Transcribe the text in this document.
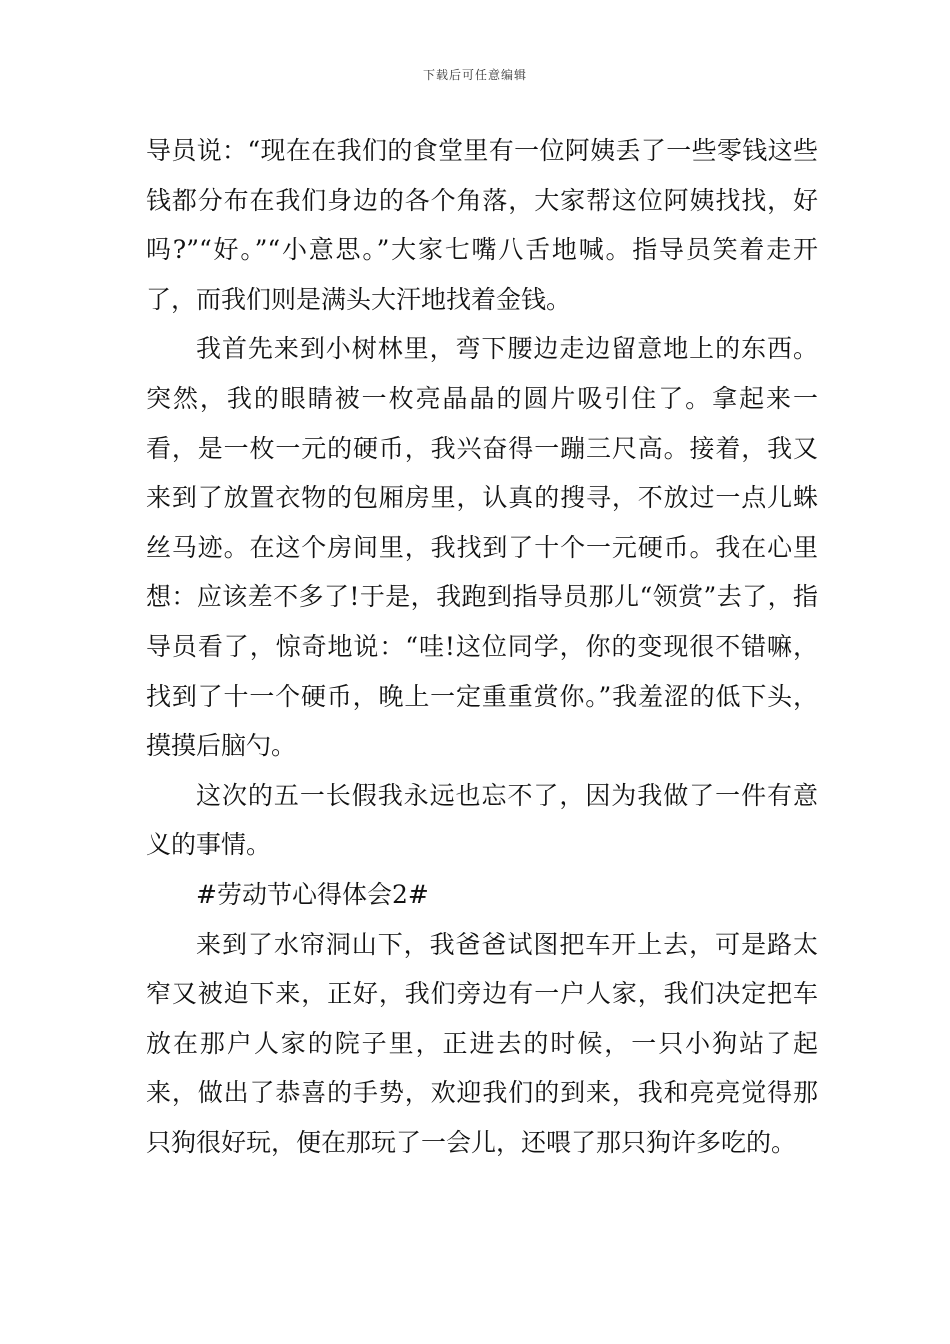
下载后可任意编辑

导员说：“现在在我们的食堂里有一位阿姨丢了一些零钱这些钱都分布在我们身边的各个角落，大家帮这位阿姨找找，好吗?”“好。”“小意思。”大家七嘴八舌地喊。指导员笑着走开了，而我们则是满头大汗地找着金钱。

我首先来到小树林里，弯下腰边走边留意地上的东西。突然，我的眼睛被一枚亮晶晶的圆片吸引住了。拿起来一看，是一枚一元的硬币，我兴奋得一蹦三尺高。接着，我又来到了放置衣物的包厢房里，认真的搜寻，不放过一点儿蛛丝马迹。在这个房间里，我找到了十个一元硬币。我在心里想：应该差不多了!于是，我跑到指导员那儿“领赏”去了，指导员看了，惊奇地说：“哇!这位同学，你的变现很不错嘛，找到了十一个硬币，晚上一定重重赏你。”我羞涩的低下头，摸摸后脑勺。

这次的五一长假我永远也忘不了，因为我做了一件有意义的事情。

#劳动节心得体会2#

来到了水帘洞山下，我爸爸试图把车开上去，可是路太窄又被迫下来，正好，我们旁边有一户人家，我们决定把车放在那户人家的院子里，正进去的时候，一只小狗站了起来，做出了恭喜的手势，欢迎我们的到来，我和亮亮觉得那只狗很好玩，便在那玩了一会儿，还喂了那只狗许多吃的。
